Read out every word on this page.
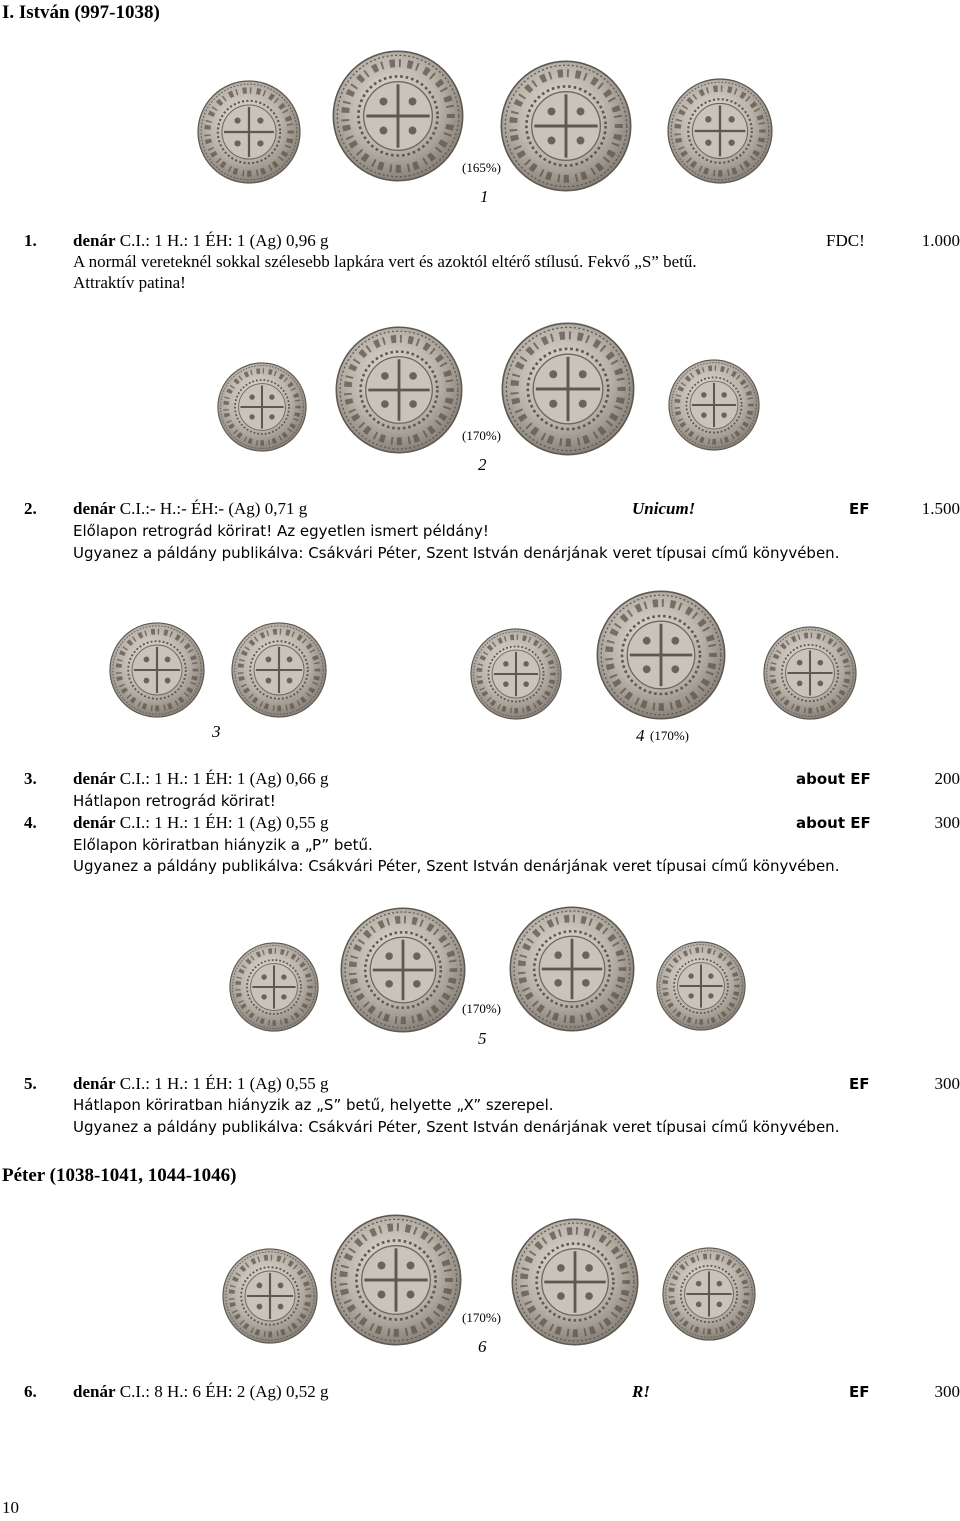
I. István (997-1038)
(165%)
1
1. denár C.I.: 1 H.: 1 ÉH: 1 (Ag) 0,96 g	FDC!	1.000
A normál vereteknél sokkal szélesebb lapkára vert és azoktól eltérő stílusú. Fekvő „S” betű.
Attraktív patina!
(170%)
2
2. denár C.I.:- H.:- ÉH:- (Ag) 0,71 g	Unicum!	EF	1.500
Előlapon retrográd körirat! Az egyetlen ismert példány!
Ugyanez a páldány publikálva: Csákvári Péter, Szent István denárjának veret típusai című könyvében.
3	4 (170%)
3. denár C.I.: 1 H.: 1 ÉH: 1 (Ag) 0,66 g	about EF	200
Hátlapon retrográd körirat!
4. denár C.I.: 1 H.: 1 ÉH: 1 (Ag) 0,55 g	about EF	300
Előlapon köriratban hiányzik a „P” betű.
Ugyanez a páldány publikálva: Csákvári Péter, Szent István denárjának veret típusai című könyvében.
(170%)
5
5. denár C.I.: 1 H.: 1 ÉH: 1 (Ag) 0,55 g	EF	300
Hátlapon köriratban hiányzik az „S” betű, helyette „X” szerepel.
Ugyanez a páldány publikálva: Csákvári Péter, Szent István denárjának veret típusai című könyvében.
Péter (1038-1041, 1044-1046)
(170%)
6
6. denár C.I.: 8 H.: 6 ÉH: 2 (Ag) 0,52 g	R!	EF	300
10
